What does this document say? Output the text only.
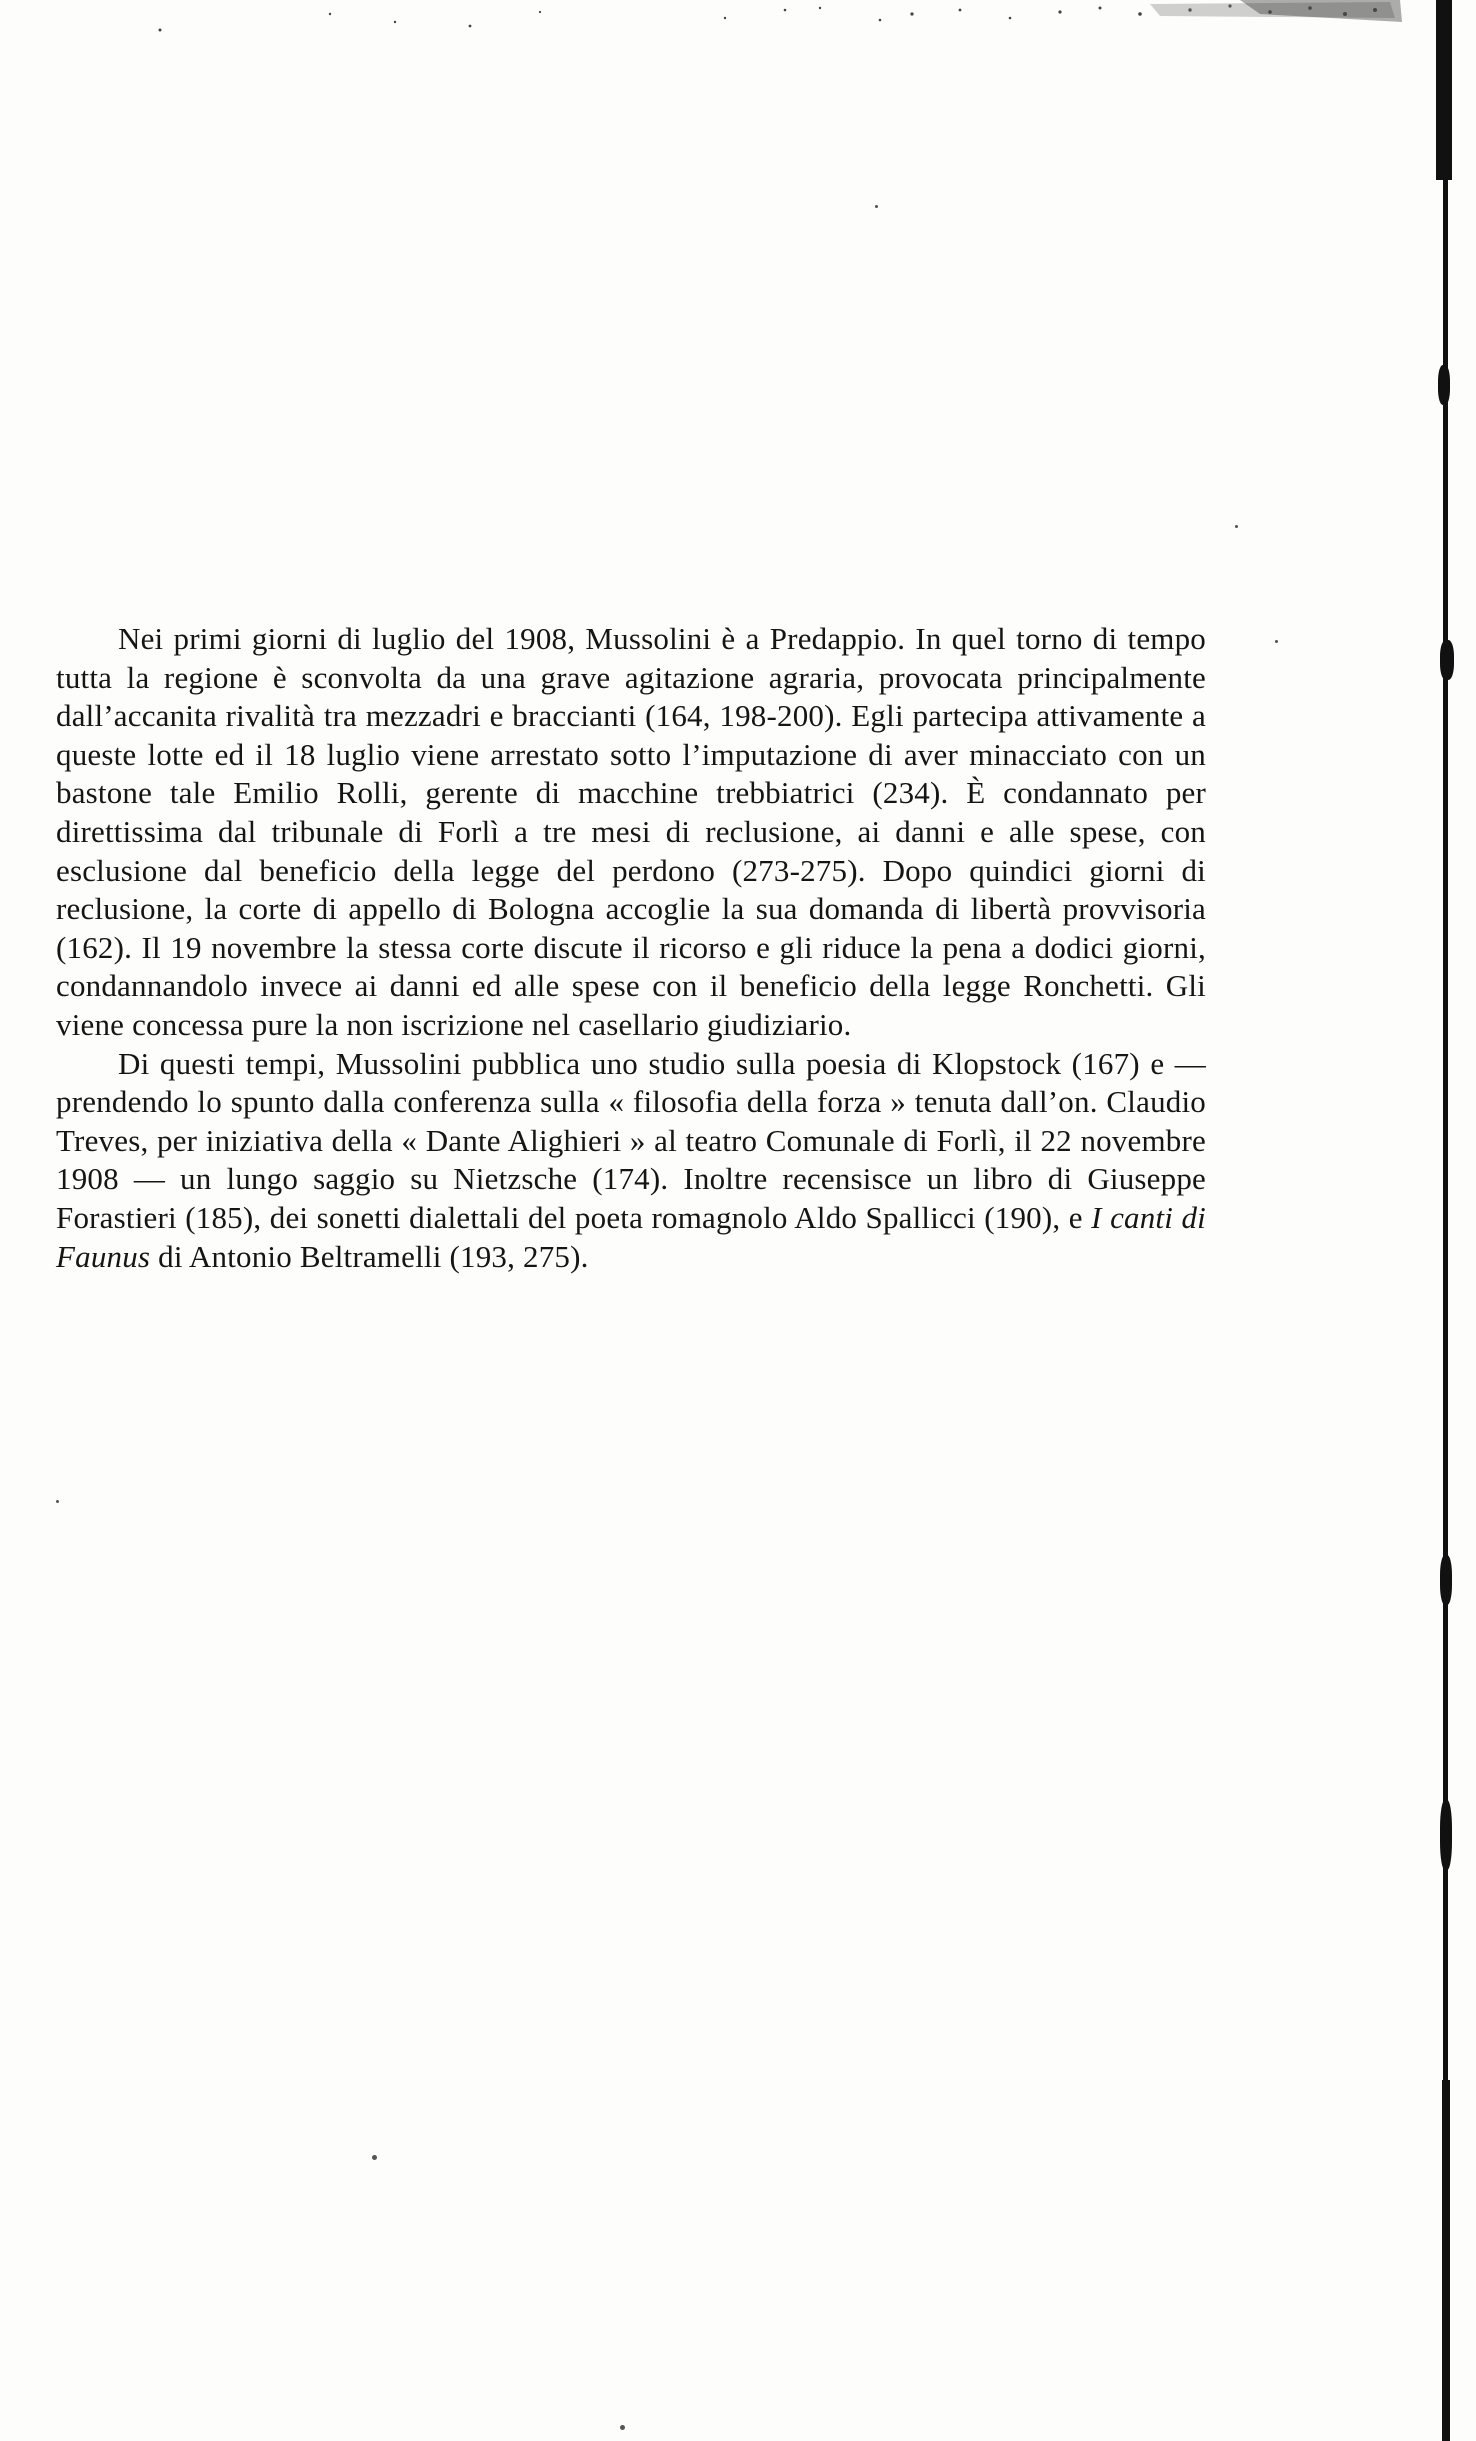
Nei primi giorni di luglio del 1908, Mussolini è a Predappio. In quel torno di tempo tutta la regione è sconvolta da una grave agitazione agraria, provocata principalmente dall’accanita rivalità tra mezzadri e braccianti (164, 198-200). Egli partecipa attivamente a queste lotte ed il 18 luglio viene arrestato sotto l’imputazione di aver minacciato con un bastone tale Emilio Rolli, gerente di macchine trebbiatrici (234). È condannato per direttissima dal tribunale di Forlì a tre mesi di reclusione, ai danni e alle spese, con esclusione dal beneficio della legge del perdono (273-275). Dopo quindici giorni di reclusione, la corte di appello di Bologna accoglie la sua domanda di libertà provvisoria (162). Il 19 novembre la stessa corte discute il ricorso e gli riduce la pena a dodici giorni, condannandolo invece ai danni ed alle spese con il beneficio della legge Ronchetti. Gli viene concessa pure la non iscrizione nel casellario giudiziario.

Di questi tempi, Mussolini pubblica uno studio sulla poesia di Klopstock (167) e — prendendo lo spunto dalla conferenza sulla « filosofia della forza » tenuta dall’on. Claudio Treves, per iniziativa della « Dante Alighieri » al teatro Comunale di Forlì, il 22 novembre 1908 — un lungo saggio su Nietzsche (174). Inoltre recensisce un libro di Giuseppe Forastieri (185), dei sonetti dialettali del poeta romagnolo Aldo Spallicci (190), e I canti di Faunus di Antonio Beltramelli (193, 275).
